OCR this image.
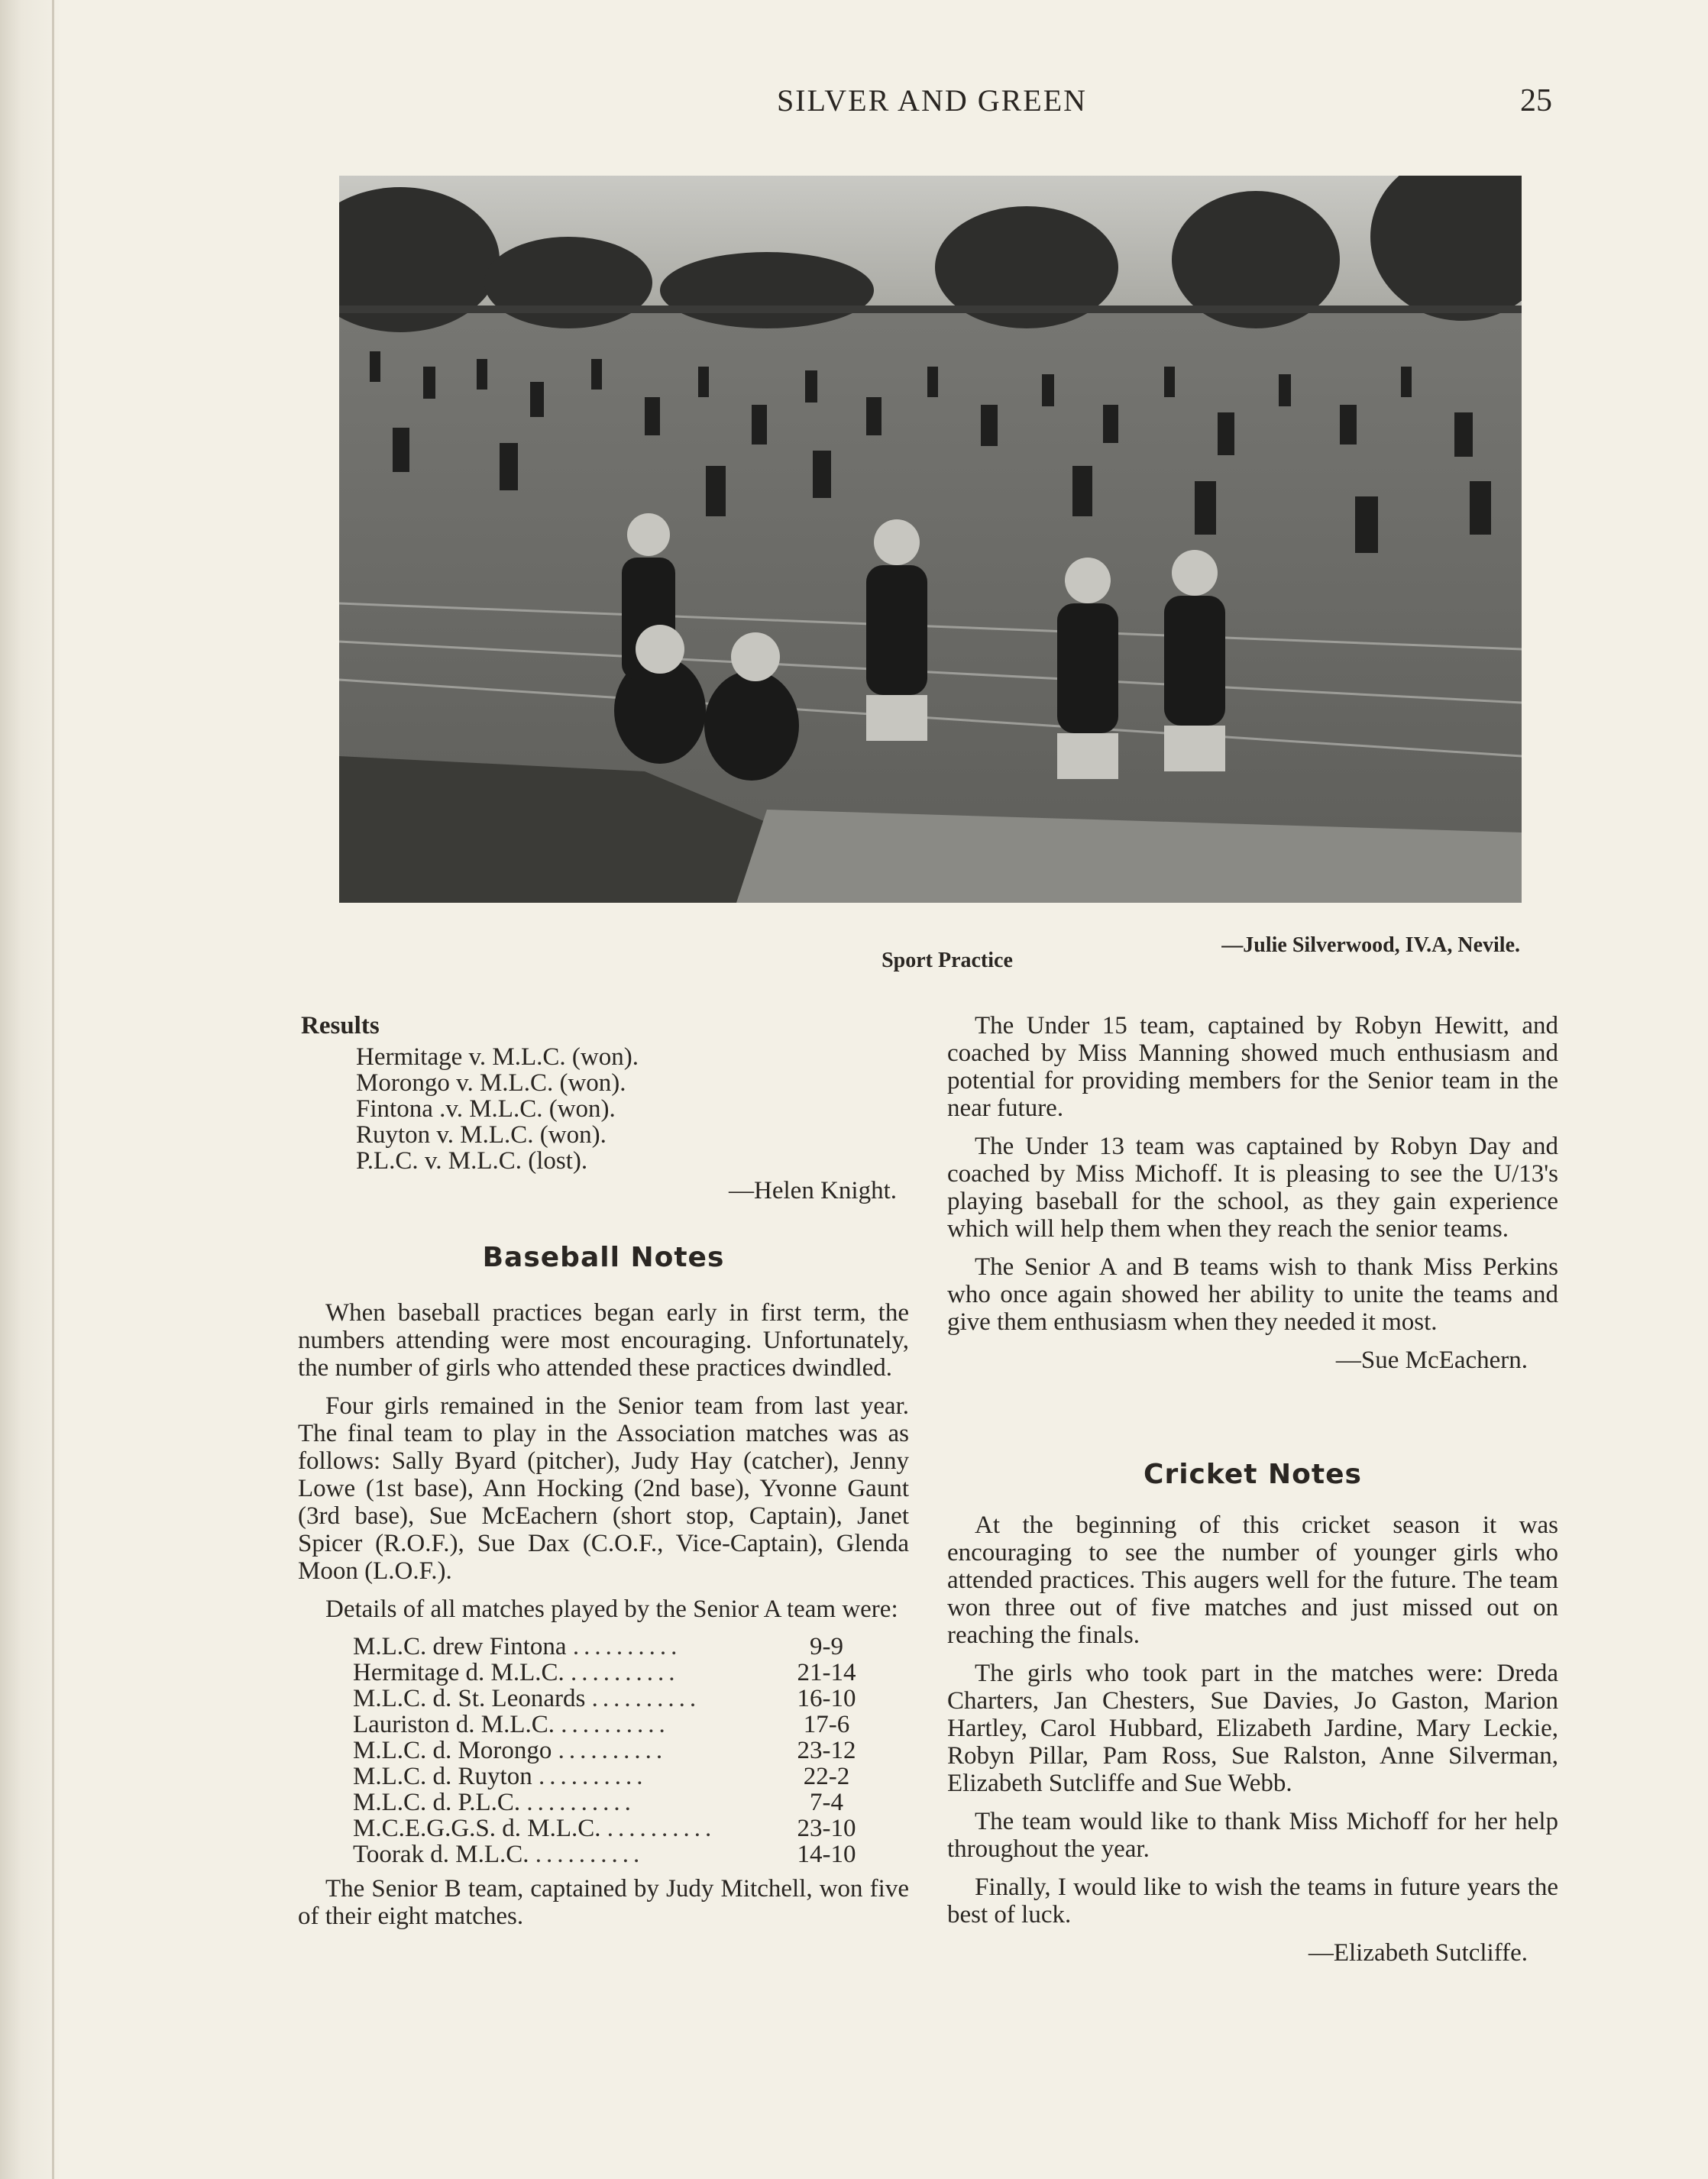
SILVER AND GREEN	25
—Julie Silverwood, IV.A, Nevile.
Sport Practice
Results
Hermitage v. M.L.C. (won).
Morongo v. M.L.C. (won).
Fintona .v. M.L.C. (won).
Ruyton v. M.L.C. (won).
P.L.C. v. M.L.C. (lost).

—Helen Knight.

Baseball Notes

When baseball practices began early in first term, the numbers attending were most encouraging. Unfortunately, the number of girls who attended these practices dwindled.

Four girls remained in the Senior team from last year. The final team to play in the Association matches was as follows: Sally Byard (pitcher), Judy Hay (catcher), Jenny Lowe (1st base), Ann Hocking (2nd base), Yvonne Gaunt (3rd base), Sue McEachern (short stop, Captain), Janet Spicer (R.O.F.), Sue Dax (C.O.F., Vice-Captain), Glenda Moon (L.O.F.).

Details of all matches played by the Senior A team were:

M.L.C. drew Fintona ..........	9-9
Hermitage d. M.L.C. ..........	21-14
M.L.C. d. St. Leonards ..........	16-10
Lauriston d. M.L.C. ..........	17-6
M.L.C. d. Morongo ..........	23-12
M.L.C. d. Ruyton ..........	22-2
M.L.C. d. P.L.C. ..........	7-4
M.C.E.G.G.S. d. M.L.C. ..........	23-10
Toorak d. M.L.C. ..........	14-10

The Senior B team, captained by Judy Mitchell, won five of their eight matches.

The Under 15 team, captained by Robyn Hewitt, and coached by Miss Manning showed much enthusiasm and potential for providing members for the Senior team in the near future.

The Under 13 team was captained by Robyn Day and coached by Miss Michoff. It is pleasing to see the U/13's playing baseball for the school, as they gain experience which will help them when they reach the senior teams.

The Senior A and B teams wish to thank Miss Perkins who once again showed her ability to unite the teams and give them enthusiasm when they needed it most.

—Sue McEachern.

Cricket Notes

At the beginning of this cricket season it was encouraging to see the number of younger girls who attended practices. This augers well for the future. The team won three out of five matches and just missed out on reaching the finals.

The girls who took part in the matches were: Dreda Charters, Jan Chesters, Sue Davies, Jo Gaston, Marion Hartley, Carol Hubbard, Elizabeth Jardine, Mary Leckie, Robyn Pillar, Pam Ross, Sue Ralston, Anne Silverman, Elizabeth Sutcliffe and Sue Webb.

The team would like to thank Miss Michoff for her help throughout the year.

Finally, I would like to wish the teams in future years the best of luck.

—Elizabeth Sutcliffe.
